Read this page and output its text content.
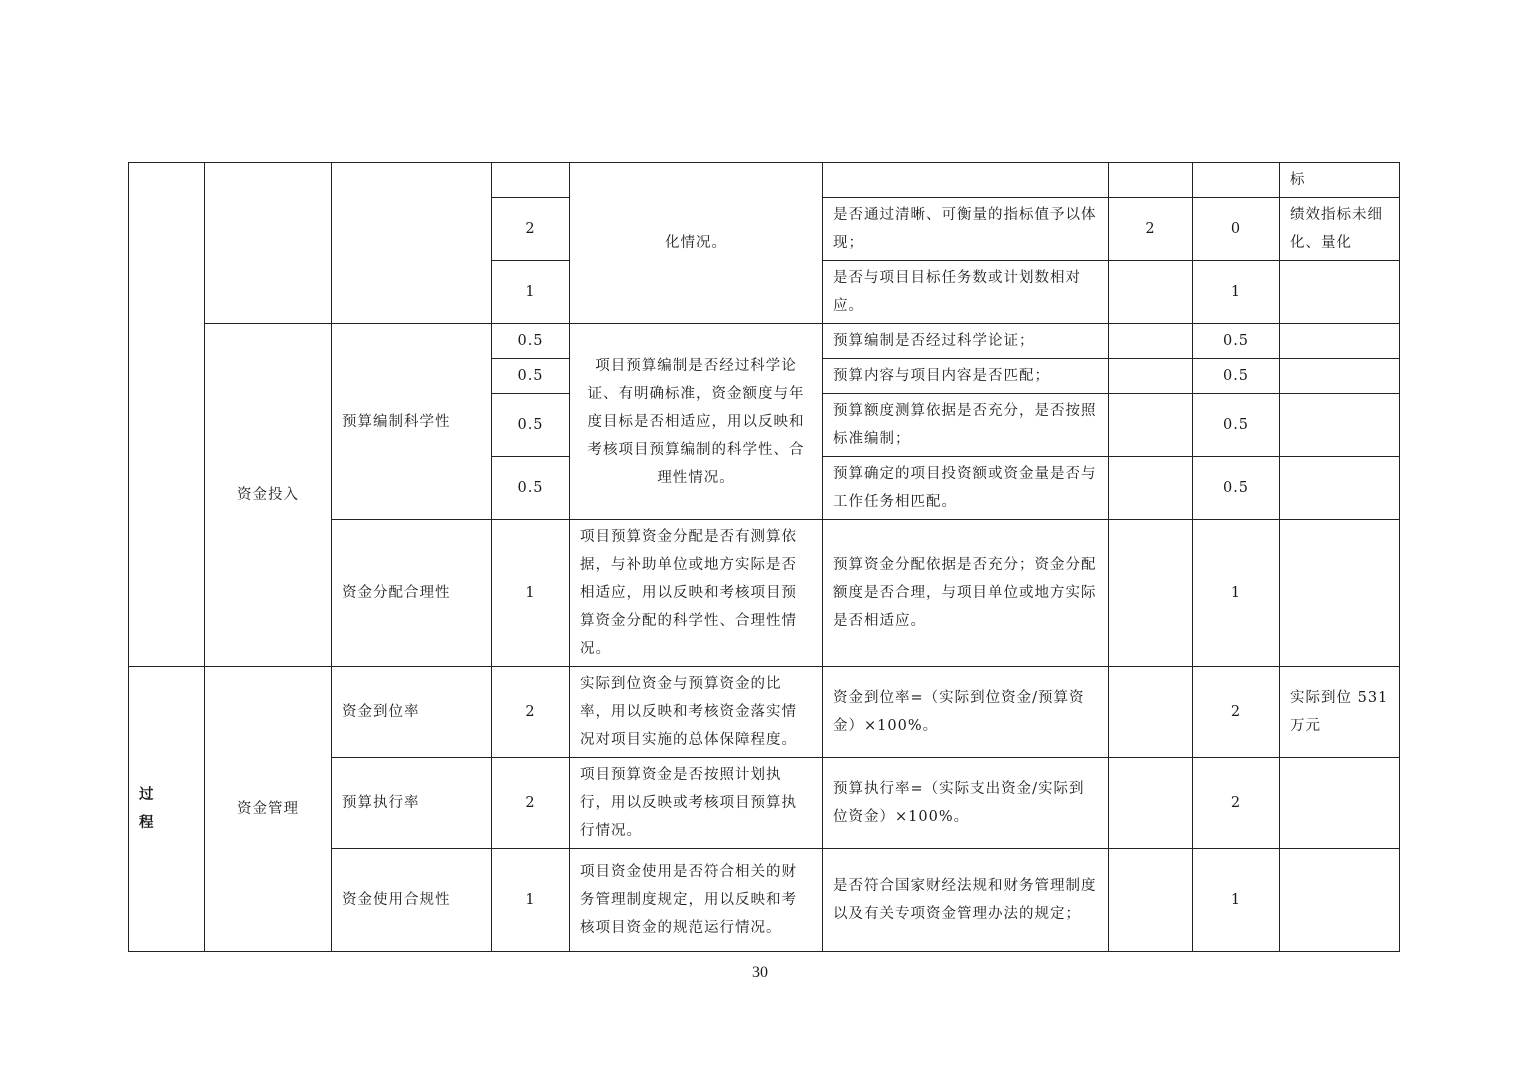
				化情况。				标
			2		是否通过清晰、可衡量的指标值予以体现；	2	0	绩效指标未细化、量化
			1		是否与项目目标任务数或计划数相对应。		1	
	资金投入	预算编制科学性	0.5	项目预算编制是否经过科学论证、有明确标准，资金额度与年度目标是否相适应，用以反映和考核项目预算编制的科学性、合理性情况。	预算编制是否经过科学论证；		0.5	
			0.5		预算内容与项目内容是否匹配；		0.5	
			0.5		预算额度测算依据是否充分，是否按照标准编制；		0.5	
			0.5		预算确定的项目投资额或资金量是否与工作任务相匹配。		0.5	
		资金分配合理性	1	项目预算资金分配是否有测算依据，与补助单位或地方实际是否相适应，用以反映和考核项目预算资金分配的科学性、合理性情况。	预算资金分配依据是否充分；资金分配额度是否合理，与项目单位或地方实际是否相适应。		1	
过 程	资金管理	资金到位率	2	实际到位资金与预算资金的比率，用以反映和考核资金落实情况对项目实施的总体保障程度。	资金到位率=（实际到位资金/预算资金）×100%。		2	实际到位 531万元
		预算执行率	2	项目预算资金是否按照计划执行，用以反映或考核项目预算执行情况。	预算执行率=（实际支出资金/实际到位资金）×100%。		2	
		资金使用合规性	1	项目资金使用是否符合相关的财务管理制度规定，用以反映和考核项目资金的规范运行情况。	是否符合国家财经法规和财务管理制度以及有关专项资金管理办法的规定；		1	
30
